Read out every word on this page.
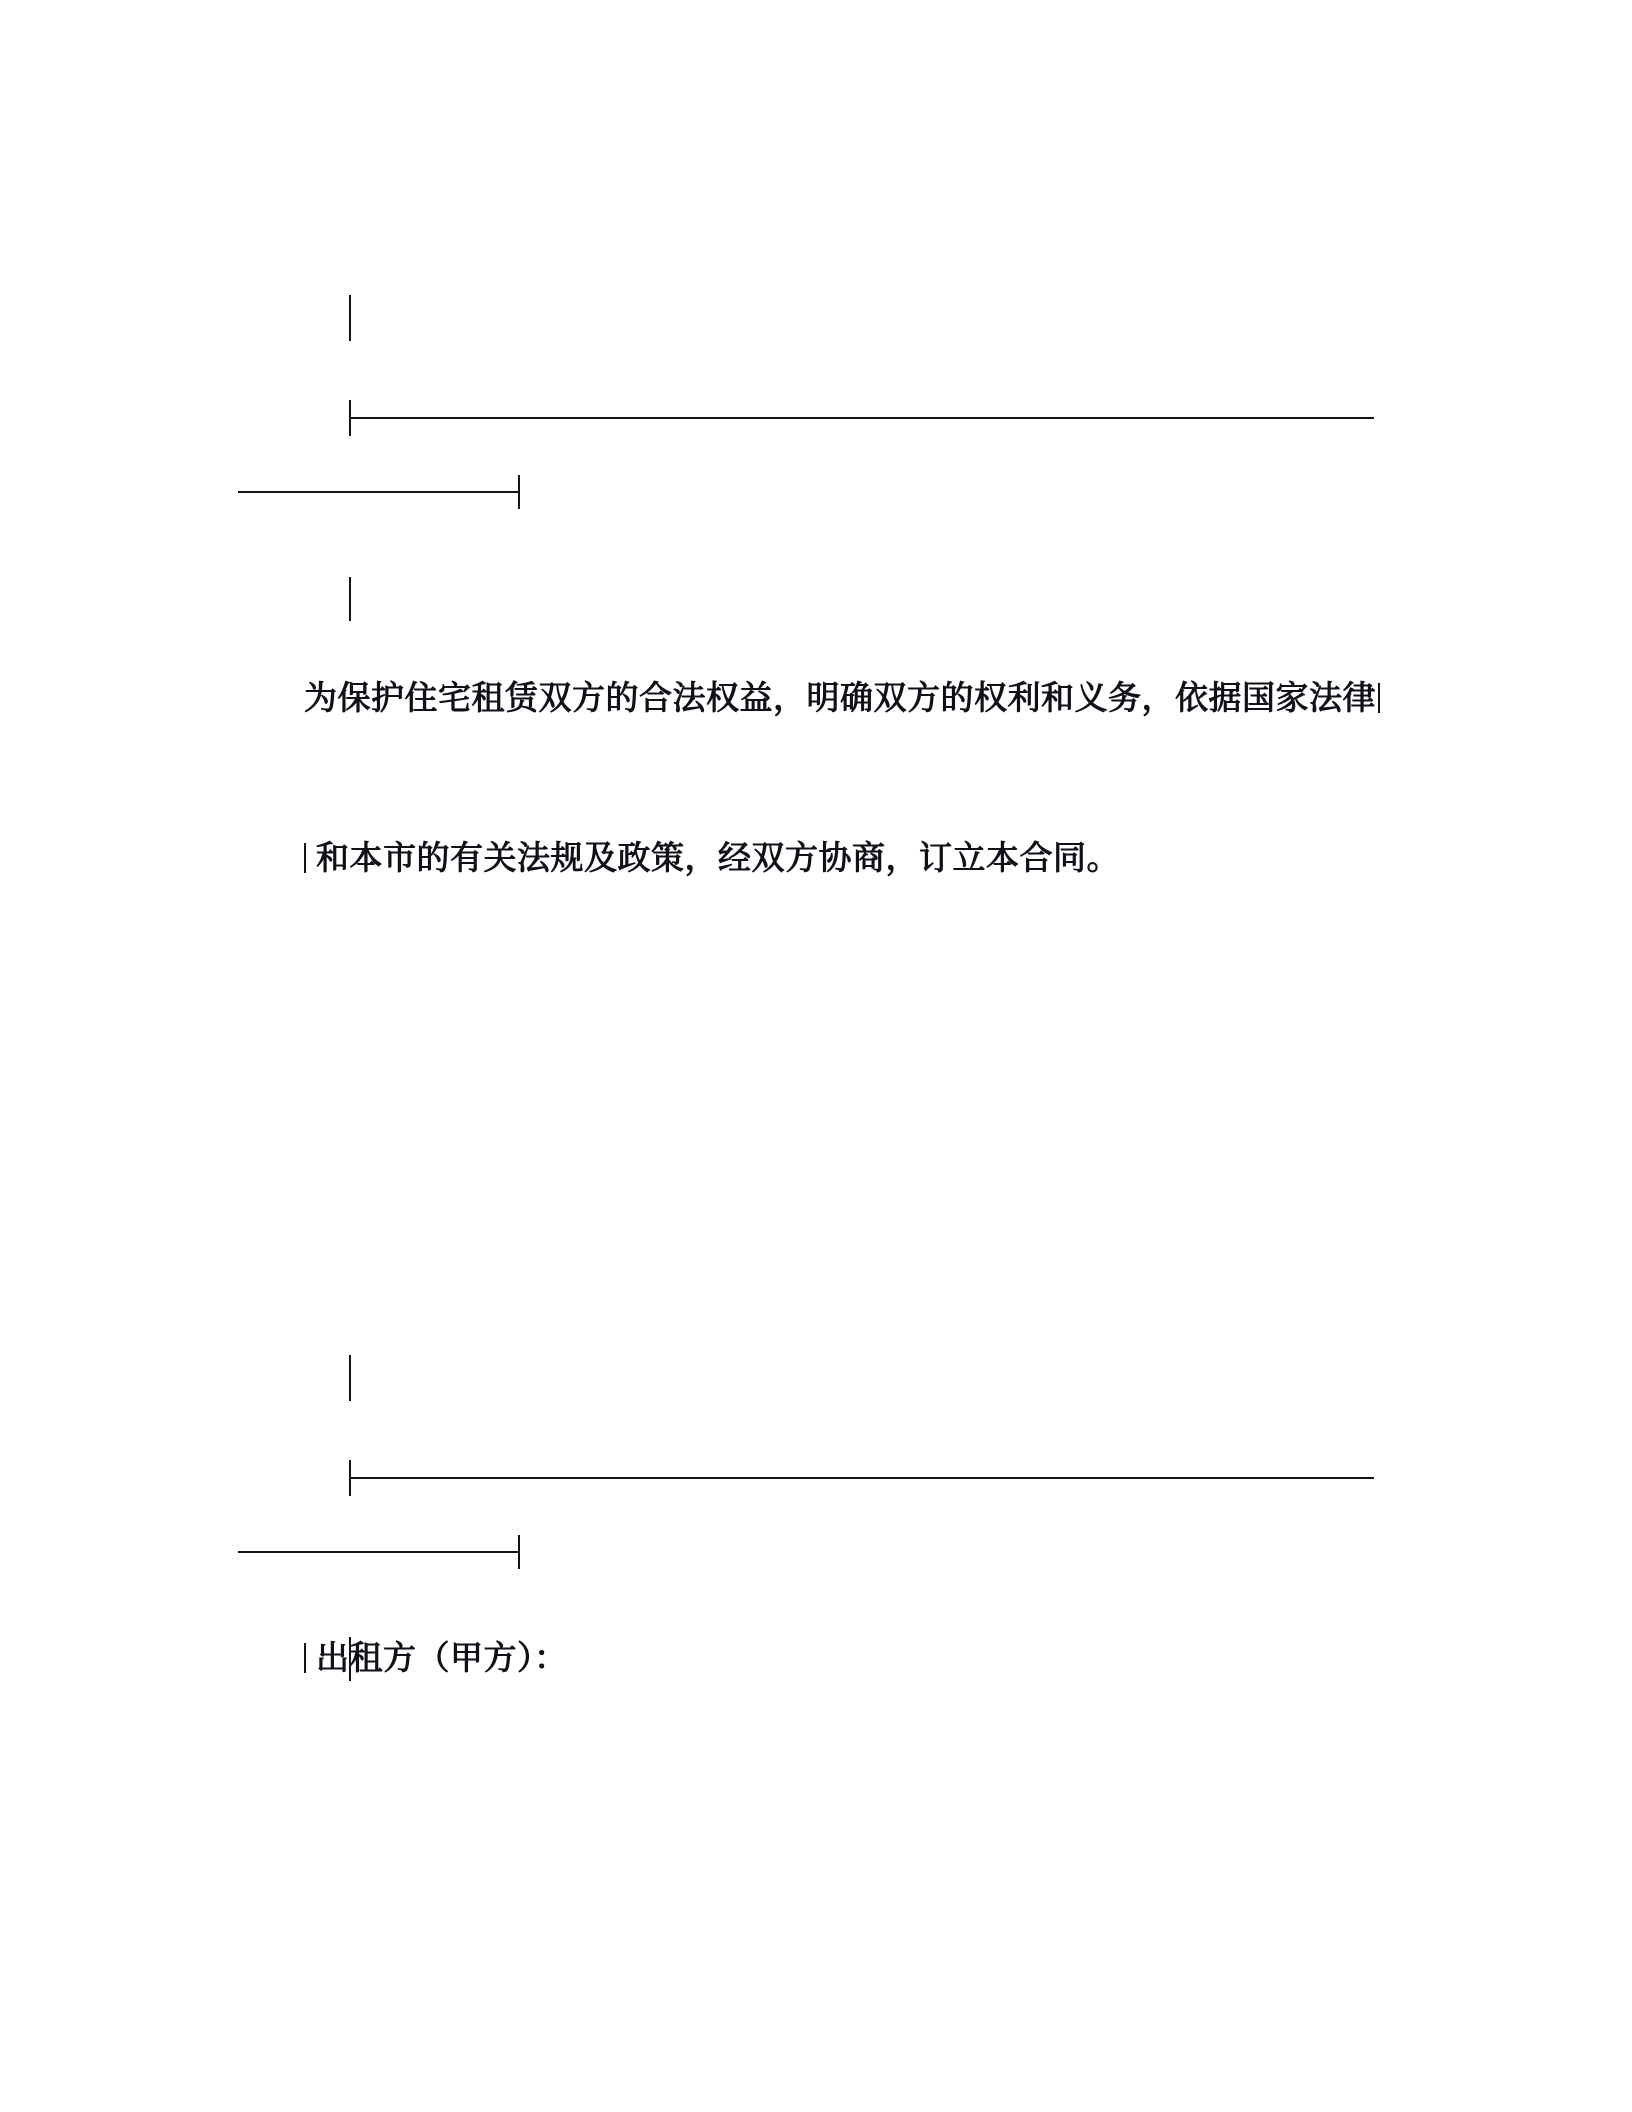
为保护住宅租赁双方的合法权益，明确双方的权利和义务，依据国家法律
和本市的有关法规及政策，经双方协商，订立本合同。
出租方（甲方）：
